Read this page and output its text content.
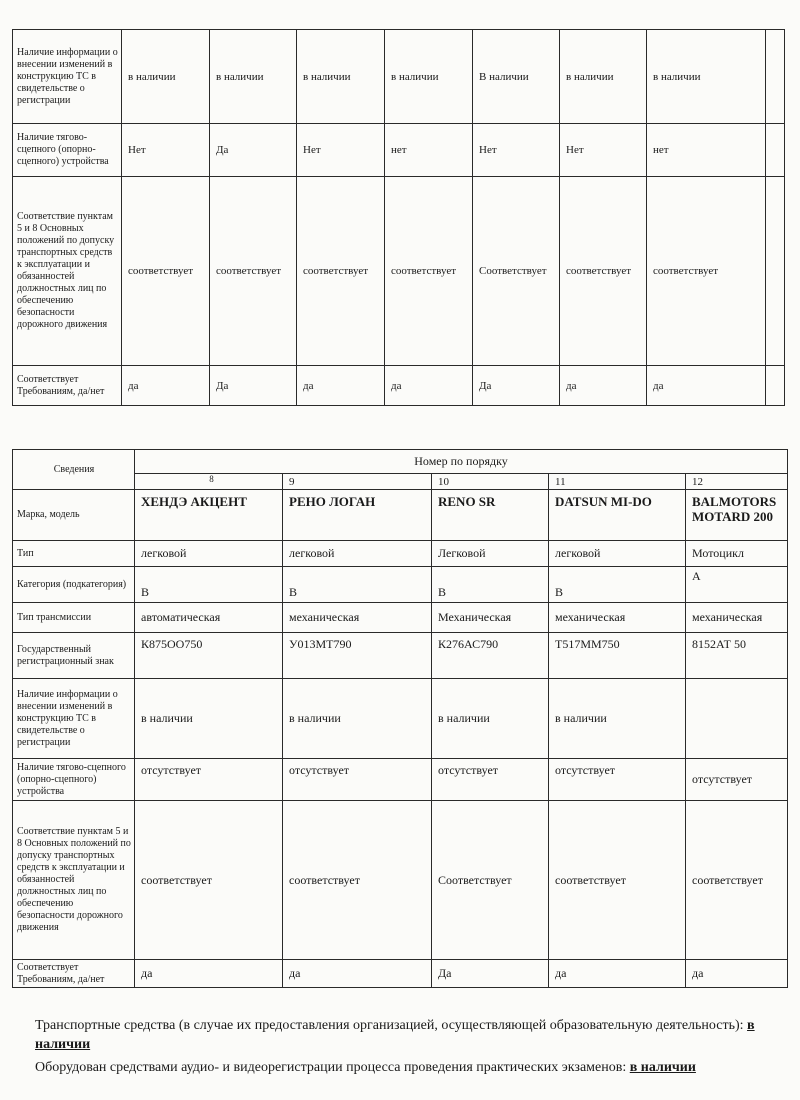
Наличие информации о внесении изменений в конструкцию ТС в свидетельстве о регистрации	в наличии	в наличии	в наличии	в наличии	В наличии	в наличии	в наличии	
Наличие тягово-сцепного (опорно-сцепного) устройства	Нет	Да	Нет	нет	Нет	Нет	нет	
Соответствие пунктам 5 и 8 Основных положений по допуску транспортных средств к эксплуатации и обязанностей должностных лиц по обеспечению безопасности дорожного движения	соответствует	соответствует	соответствует	соответствует	Соответствует	соответствует	соответствует	
Соответствует Требованиям, да/нет	да	Да	да	да	Да	да	да	
Сведения	Номер по порядку				
	8	9	10	11	12
Марка, модель	ХЕНДЭ АКЦЕНТ	РЕНО ЛОГАН	RENO SR	DATSUN MI-DO	BALMOTORS MOTARD 200
Тип	легковой	легковой	Легковой	легковой	Мотоцикл
Категория (подкатегория)	В	В	В	В	А
Тип трансмиссии	автоматическая	механическая	Механическая	механическая	механическая
Государственный регистрационный знак	К875ОО750	У013МТ790	К276АС790	Т517ММ750	8152АТ 50
Наличие информации о внесении изменений в конструкцию ТС в свидетельстве о регистрации	в наличии	в наличии	в наличии	в наличии	
Наличие тягово-сцепного (опорно-сцепного) устройства	отсутствует	отсутствует	отсутствует	отсутствует	отсутствует
Соответствие пунктам 5 и 8 Основных положений по допуску транспортных средств к эксплуатации и обязанностей должностных лиц по обеспечению безопасности дорожного движения	соответствует	соответствует	Соответствует	соответствует	соответствует
Соответствует Требованиям, да/нет	да	да	Да	да	да
Транспортные средства (в случае их предоставления организацией, осуществляющей образовательную деятельность): в наличии
Оборудован средствами аудио- и видеорегистрации процесса проведения практических экзаменов: в наличии
